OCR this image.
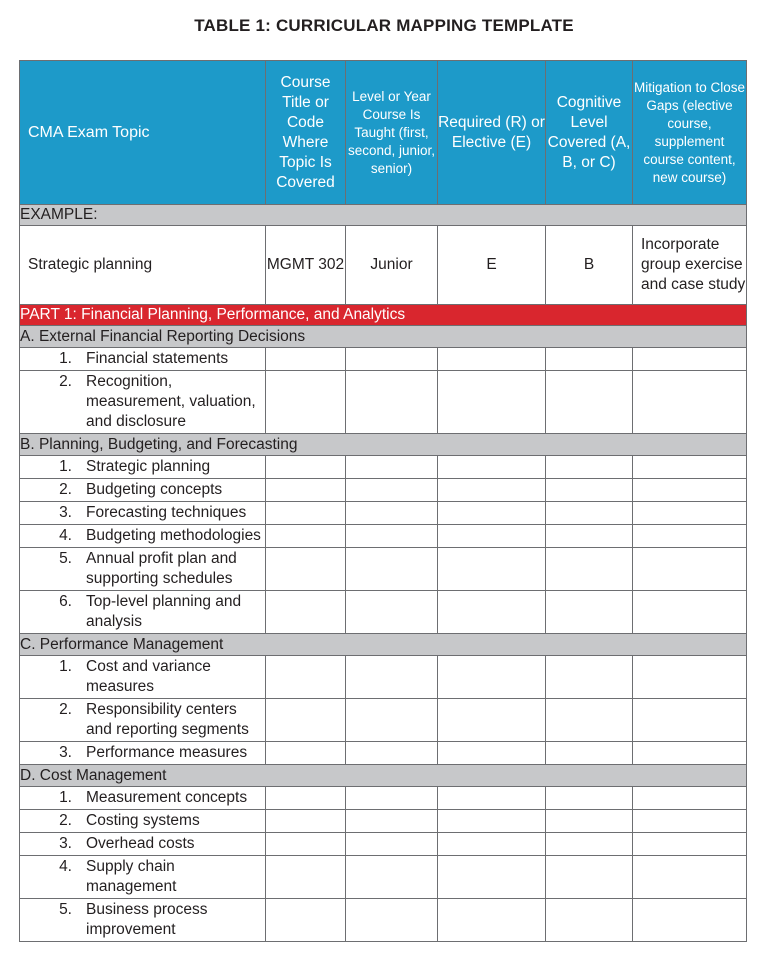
TABLE 1: CURRICULAR MAPPING TEMPLATE
CMA Exam Topic	Course Title or Code Where Topic Is Covered	Level or Year Course Is Taught (first, second, junior, senior)	Required (R) or Elective (E)	Cognitive Level Covered (A, B, or C)	Mitigation to Close Gaps (elective course, supplement course content, new course)
EXAMPLE:					
Strategic planning	MGMT 302	Junior	E	B	Incorporate group exercise and case study
PART 1: Financial Planning, Performance, and Analytics					
A. External Financial Reporting Decisions					

1. Financial statements					

2. Recognition, measurement, valuation, and disclosure					

B. Planning, Budgeting, and Forecasting					

1. Strategic planning					

2. Budgeting concepts					

3. Forecasting techniques					

4. Budgeting methodologies					

5. Annual profit plan and supporting schedules					

6. Top-level planning and analysis					

C. Performance Management					

1. Cost and variance measures					

2. Responsibility centers and reporting segments					

3. Performance measures					

D. Cost Management					

1. Measurement concepts					

2. Costing systems					

3. Overhead costs					

4. Supply chain management					

5. Business process improvement					
